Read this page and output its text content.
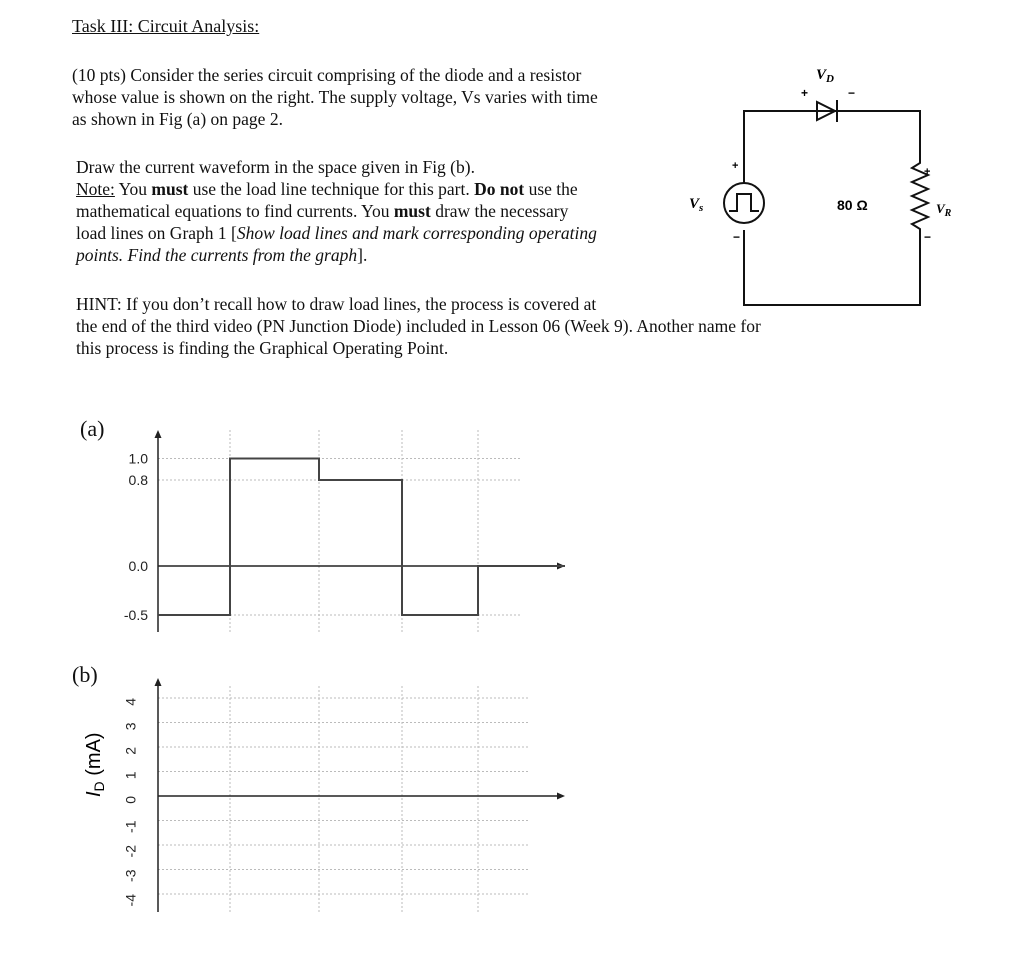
Task III: Circuit Analysis:
(10 pts) Consider the series circuit comprising of the diode and a resistor
whose value is shown on the right. The supply voltage, Vs varies with time
as shown in Fig (a) on page 2.
Draw the current waveform in the space given in Fig (b).
Note: You must use the load line technique for this part. Do not use the
mathematical equations to find currents. You must draw the necessary
load lines on Graph 1 [Show load lines and mark corresponding operating
points. Find the currents from the graph].
HINT: If you don’t recall how to draw load lines, the process is covered at
the end of the third video (PN Junction Diode) included in Lesson 06 (Week 9). Another name for
this process is finding the Graphical Operating Point.
$V_D$
+	−
$V_s$
+
−
80 Ω
+
−
$V_R$
(a)
(b)
$I_D$ (mA)
1.0
0.8
0.0
-0.5
4
3
2
1
0
-1
-2
-3
-4
